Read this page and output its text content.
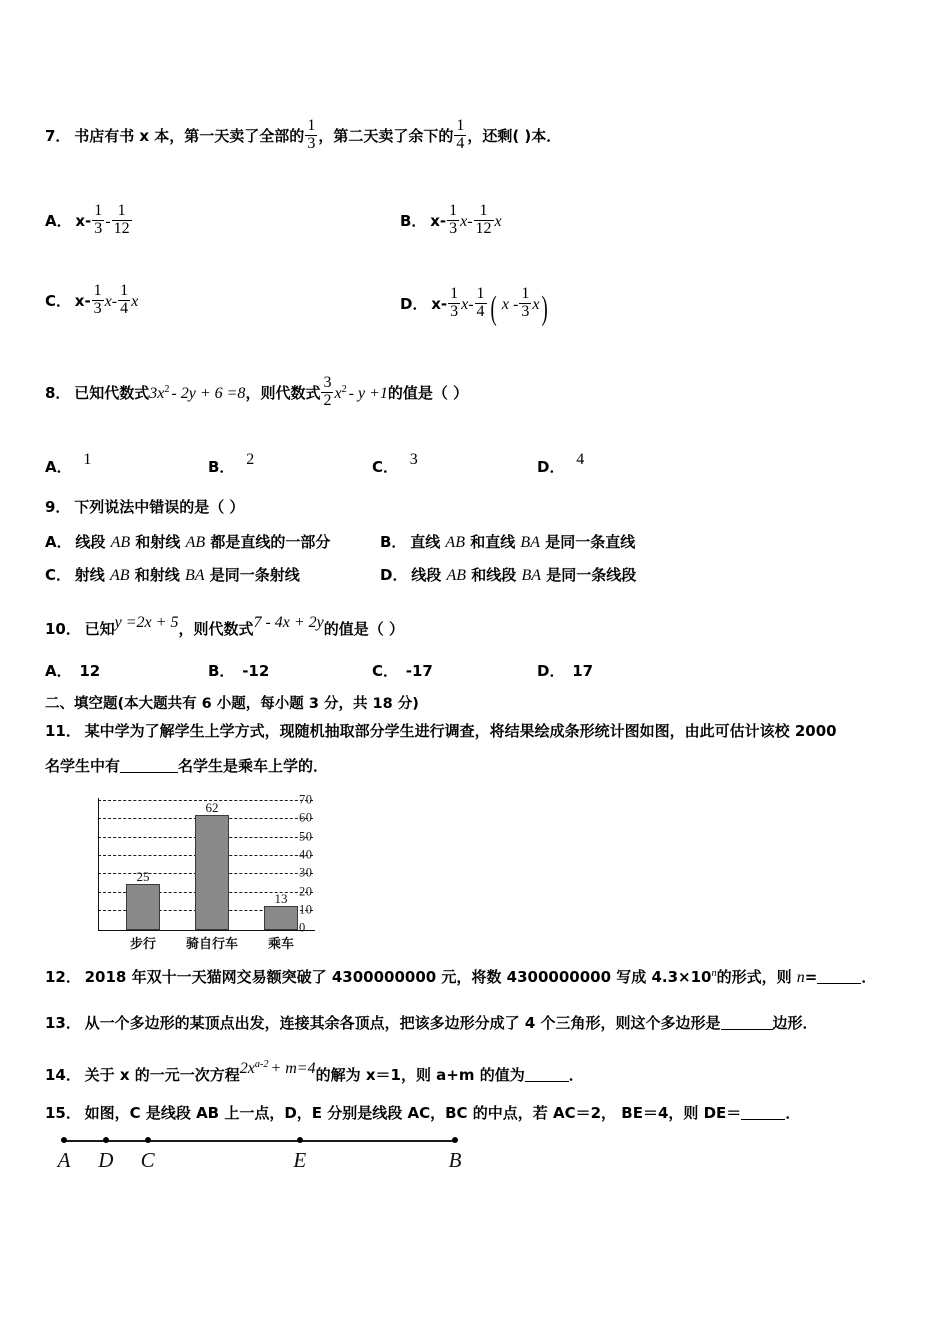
7． 书店有书 x 本，第一天卖了全部的 $\frac{1}{3}$ ，第二天卖了余下的 $\frac{1}{4}$ ，还剩( )本．
A． $x- \frac{1}{3} - \frac{1}{12}$	B． $x- \frac{1}{3} x- \frac{1}{12}$ x
C． $x- \frac{1}{3} x- \frac{1}{4}$ x	D． $x- \frac{1}{3} x- \frac{1}{4}$ ( x - $\frac{1}{3} x$)
8． 已知代数式$3x^2 - 2y + 6 =8$，则代数式 $\frac{3}{2} x^2 - y +1$的值是（ ）
A． 1	B． 2	C． 3	D． 4
9． 下列说法中错误的是（ ）
A． 线段 AB 和射线 AB 都是直线的一部分	B． 直线 AB 和直线 BA 是同一条直线
C． 射线 AB 和射线 BA 是同一条射线	D． 线段 AB 和线段 BA 是同一条线段
10． 已知y =2x + 5，则代数式7 - 4x + 2y的值是（ ）
A． 12	B． -12	C． -17	D． 17
二、填空题(本大题共有 6 小题，每小题 3 分，共 18 分)
11． 某中学为了解学生上学方式，现随机抽取部分学生进行调查，将结果绘成条形统计图如图，由此可估计该校 2000
名学生中有	名学生是乘车上学的．
70
60
50
40
30
20
10
0
25
62
13
步行 骑自行车 乘车
12． 2018 年双十一天猫网交易额突破了 4300000000 元，将数 4300000000 写成 $4.3\times 10^n$的形式，则 n=	．
13． 从一个多边形的某顶点出发，连接其余各顶点，把该多边形分成了 4 个三角形，则这个多边形是	边形．
14． 关于 x 的一元一次方程$2x^{a-2} + m=4$的解为 x＝1，则 a+m 的值为	．
15． 如图，C 是线段 AB 上一点，D，E 分别是线段 AC，BC 的中点，若 AC＝2， BE＝4，则 DE＝	．
A D C	E	B
